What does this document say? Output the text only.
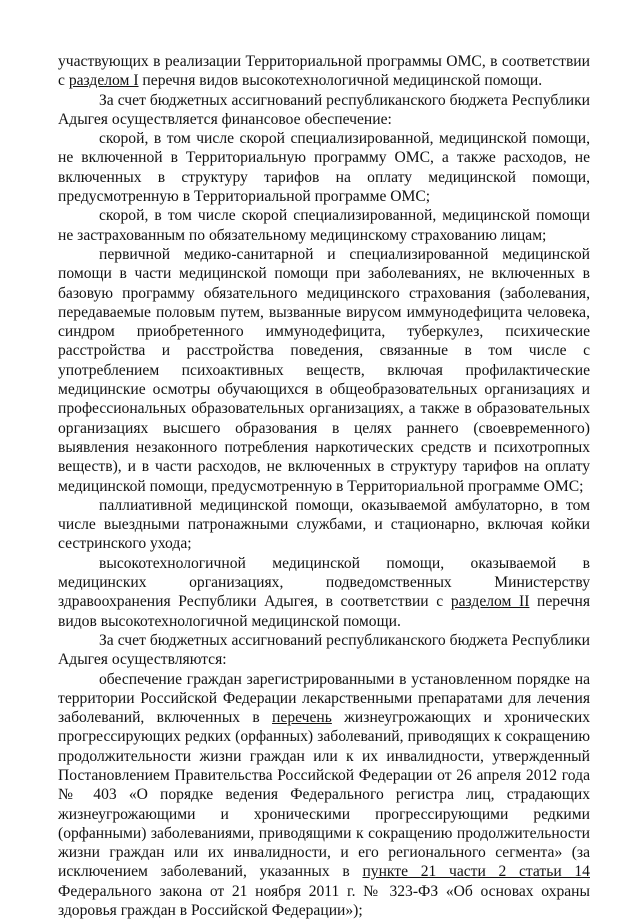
участвующих в реализации Территориальной программы ОМС, в соответствии с разделом I перечня видов высокотехнологичной медицинской помощи.

За счет бюджетных ассигнований республиканского бюджета Республики Адыгея осуществляется финансовое обеспечение:

скорой, в том числе скорой специализированной, медицинской помощи, не включенной в Территориальную программу ОМС, а также расходов, не включенных в структуру тарифов на оплату медицинской помощи, предусмотренную в Территориальной программе ОМС;

скорой, в том числе скорой специализированной, медицинской помощи не застрахованным по обязательному медицинскому страхованию лицам;

первичной медико-санитарной и специализированной медицинской помощи в части медицинской помощи при заболеваниях, не включенных в базовую программу обязательного медицинского страхования (заболевания, передаваемые половым путем, вызванные вирусом иммунодефицита человека, синдром приобретенного иммунодефицита, туберкулез, психические расстройства и расстройства поведения, связанные в том числе с употреблением психоактивных веществ, включая профилактические медицинские осмотры обучающихся в общеобразовательных организациях и профессиональных образовательных организациях, а также в образовательных организациях высшего образования в целях раннего (своевременного) выявления незаконного потребления наркотических средств и психотропных веществ), и в части расходов, не включенных в структуру тарифов на оплату медицинской помощи, предусмотренную в Территориальной программе ОМС;

паллиативной медицинской помощи, оказываемой амбулаторно, в том числе выездными патронажными службами, и стационарно, включая койки сестринского ухода;

высокотехнологичной медицинской помощи, оказываемой в медицинских организациях, подведомственных Министерству здравоохранения Республики Адыгея, в соответствии с разделом II перечня видов высокотехнологичной медицинской помощи.

За счет бюджетных ассигнований республиканского бюджета Республики Адыгея осуществляются:

обеспечение граждан зарегистрированными в установленном порядке на территории Российской Федерации лекарственными препаратами для лечения заболеваний, включенных в перечень жизнеугрожающих и хронических прогрессирующих редких (орфанных) заболеваний, приводящих к сокращению продолжительности жизни граждан или к их инвалидности, утвержденный Постановлением Правительства Российской Федерации от 26 апреля 2012 года № 403 «О порядке ведения Федерального регистра лиц, страдающих жизнеугрожающими и хроническими прогрессирующими редкими (орфанными) заболеваниями, приводящими к сокращению продолжительности жизни граждан или их инвалидности, и его регионального сегмента» (за исключением заболеваний, указанных в пункте 21 части 2 статьи 14 Федерального закона от 21 ноября 2011 г. № 323-ФЗ «Об основах охраны здоровья граждан в Российской Федерации»);
